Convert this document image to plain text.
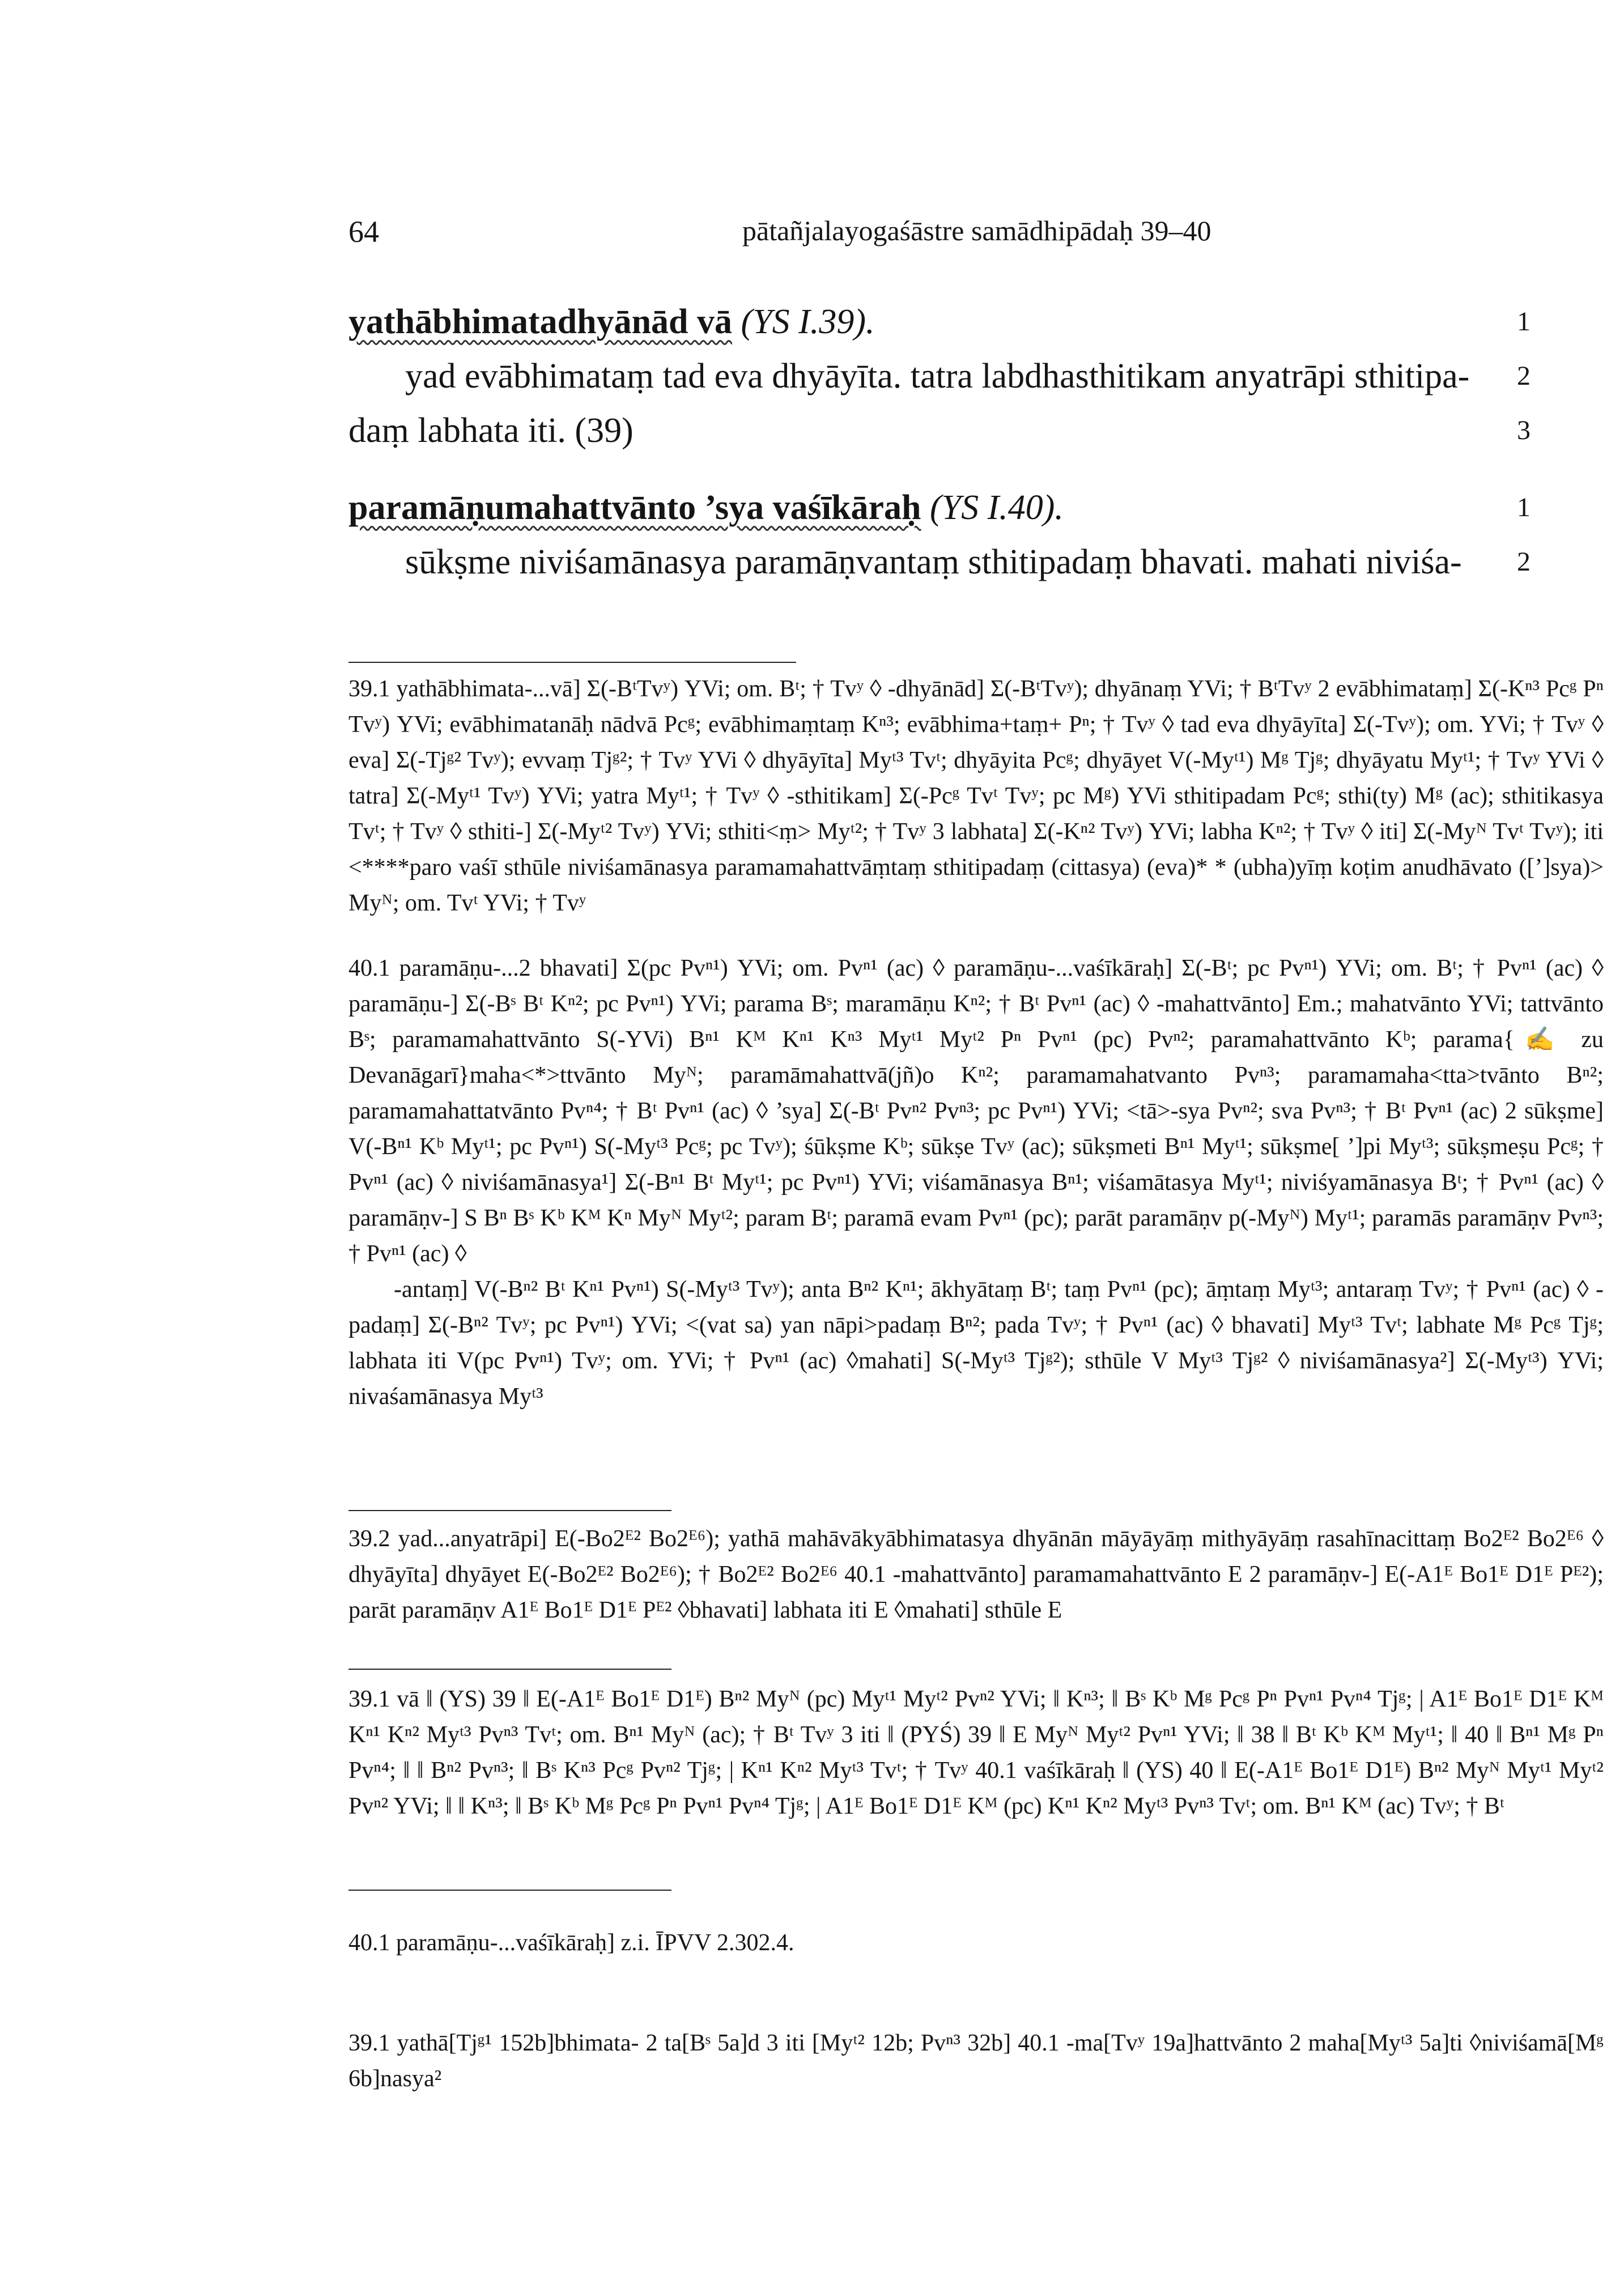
64	pātañjalayogaśāstre samādhipādaḥ 39–40
yathābhimatadhyānād vā (YS I.39).	1
yad evābhimataṃ tad eva dhyāyīta. tatra labdhasthitikam anyatrāpi sthitipa- 2
daṃ labhata iti. (39)	3
paramāṇumahattvānto ’sya vaśīkāraḥ (YS I.40).	1
sūkṣme niviśamānasya paramāṇvantaṃ sthitipadaṃ bhavati. mahati niviśa- 2

39.1 yathābhimata-...vā] Σ(-BᵗTvʸ) YVi; om. Bᵗ; † Tvʸ ◊ -dhyānād] Σ(-BᵗTvʸ); dhyānaṃ YVi; † BᵗTvʸ 2 evābhimataṃ] Σ(-Kⁿ³ Pcᵍ Pⁿ Tvʸ) YVi; evābhimatanāḥ nādvā Pcᵍ; evābhimaṃtaṃ Kⁿ³; evābhima+taṃ+ Pⁿ; † Tvʸ ◊ tad eva dhyāyīta] Σ(-Tvʸ); om. YVi; † Tvʸ ◊ eva] Σ(-Tjᵍ² Tvʸ); evvaṃ Tjᵍ²; † Tvʸ YVi ◊ dhyāyīta] Myᵗ³ Tvᵗ; dhyāyita Pcᵍ; dhyāyet V(-Myᵗ¹) Mᵍ Tjᵍ; dhyāyatu Myᵗ¹; † Tvʸ YVi ◊ tatra] Σ(-Myᵗ¹ Tvʸ) YVi; yatra Myᵗ¹; † Tvʸ ◊ -sthitikam] Σ(-Pcᵍ Tvᵗ Tvʸ; pc Mᵍ) YVi sthitipadam Pcᵍ; sthi(ty) Mᵍ (ac); sthitikasya Tvᵗ; † Tvʸ ◊ sthiti-] Σ(-Myᵗ² Tvʸ) YVi; sthiti<ṃ> Myᵗ²; † Tvʸ 3 labhata] Σ(-Kⁿ² Tvʸ) YVi; labha Kⁿ²; † Tvʸ ◊ iti] Σ(-Myᴺ Tvᵗ Tvʸ); iti <****paro vaśī sthūle niviśamānasya paramamahattvāṃtaṃ sthitipadaṃ (cittasya) (eva)* * (ubha)yīṃ koṭim anudhāvato ([’]sya)> Myᴺ; om. Tvᵗ YVi; † Tvʸ

40.1 paramāṇu-...2 bhavati] Σ(pc Pvⁿ¹) YVi; om. Pvⁿ¹ (ac) ◊ paramāṇu-...vaśīkāraḥ] Σ(-Bᵗ; pc Pvⁿ¹) YVi; om. Bᵗ; † Pvⁿ¹ (ac) ◊ paramāṇu-] Σ(-Bˢ Bᵗ Kⁿ²; pc Pvⁿ¹) YVi; parama Bˢ; maramāṇu Kⁿ²; † Bᵗ Pvⁿ¹ (ac) ◊ -mahattvānto] Em.; mahatvānto YVi; tattvānto Bˢ; paramamahattvānto S(-YVi) Bⁿ¹ Kᴹ Kⁿ¹ Kⁿ³ Myᵗ¹ Myᵗ² Pⁿ Pvⁿ¹ (pc) Pvⁿ²; paramahattvānto Kᵇ; parama{✍ zu Devanāgarī}maha<*>ttvānto Myᴺ; paramāmahattvā(jñ)o Kⁿ²; paramamahatvanto Pvⁿ³; paramamaha<tta>tvānto Bⁿ²; paramamahattatvānto Pvⁿ⁴; † Bᵗ Pvⁿ¹ (ac) ◊ ’sya] Σ(-Bᵗ Pvⁿ² Pvⁿ³; pc Pvⁿ¹) YVi; <tā>-sya Pvⁿ²; sva Pvⁿ³; † Bᵗ Pvⁿ¹ (ac) 2 sūkṣme] V(-Bⁿ¹ Kᵇ Myᵗ¹; pc Pvⁿ¹) S(-Myᵗ³ Pcᵍ; pc Tvʸ); śūkṣme Kᵇ; sūkṣe Tvʸ (ac); sūkṣmeti Bⁿ¹ Myᵗ¹; sūkṣme[ ’]pi Myᵗ³; sūkṣmeṣu Pcᵍ; † Pvⁿ¹ (ac) ◊ niviśamānasya¹] Σ(-Bⁿ¹ Bᵗ Myᵗ¹; pc Pvⁿ¹) YVi; viśamānasya Bⁿ¹; viśamātasya Myᵗ¹; niviśyamānasya Bᵗ; † Pvⁿ¹ (ac) ◊ paramāṇv-] S Bⁿ Bˢ Kᵇ Kᴹ Kⁿ Myᴺ Myᵗ²; param Bᵗ; paramā evam Pvⁿ¹ (pc); parāt paramāṇv p(-Myᴺ) Myᵗ¹; paramās paramāṇv Pvⁿ³; † Pvⁿ¹ (ac) ◊

-antaṃ] V(-Bⁿ² Bᵗ Kⁿ¹ Pvⁿ¹) S(-Myᵗ³ Tvʸ); anta Bⁿ² Kⁿ¹; ākhyātaṃ Bᵗ; taṃ Pvⁿ¹ (pc); āṃtaṃ Myᵗ³; antaraṃ Tvʸ; † Pvⁿ¹ (ac) ◊ -padaṃ] Σ(-Bⁿ² Tvʸ; pc Pvⁿ¹) YVi; <(vat sa) yan nāpi>padaṃ Bⁿ²; pada Tvʸ; † Pvⁿ¹ (ac) ◊ bhavati] Myᵗ³ Tvᵗ; labhate Mᵍ Pcᵍ Tjᵍ; labhata iti V(pc Pvⁿ¹) Tvʸ; om. YVi; † Pvⁿ¹ (ac) ◊mahati] S(-Myᵗ³ Tjᵍ²); sthūle V Myᵗ³ Tjᵍ² ◊ niviśamānasya²] Σ(-Myᵗ³) YVi; nivaśamānasya Myᵗ³

39.2 yad...anyatrāpi] E(-Bo2ᴱ² Bo2ᴱ⁶); yathā mahāvākyābhimatasya dhyānān māyāyāṃ mithyāyāṃ rasahīnacittaṃ Bo2ᴱ² Bo2ᴱ⁶ ◊ dhyāyīta] dhyāyet E(-Bo2ᴱ² Bo2ᴱ⁶); † Bo2ᴱ² Bo2ᴱ⁶ 40.1 -mahattvānto] paramamahattvānto E 2 paramāṇv-] E(-A1ᴱ Bo1ᴱ D1ᴱ Pᴱ²); parāt paramāṇv A1ᴱ Bo1ᴱ D1ᴱ Pᴱ² ◊bhavati] labhata iti E ◊mahati] sthūle E

39.1 vā ‖ (YS) 39 ‖ E(-A1ᴱ Bo1ᴱ D1ᴱ) Bⁿ² Myᴺ (pc) Myᵗ¹ Myᵗ² Pvⁿ² YVi; ‖ Kⁿ³; ‖ Bˢ Kᵇ Mᵍ Pcᵍ Pⁿ Pvⁿ¹ Pvⁿ⁴ Tjᵍ; | A1ᴱ Bo1ᴱ D1ᴱ Kᴹ Kⁿ¹ Kⁿ² Myᵗ³ Pvⁿ³ Tvᵗ; om. Bⁿ¹ Myᴺ (ac); † Bᵗ Tvʸ 3 iti ‖ (PYŚ) 39 ‖ E Myᴺ Myᵗ² Pvⁿ¹ YVi; ‖ 38 ‖ Bᵗ Kᵇ Kᴹ Myᵗ¹; ‖ 40 ‖ Bⁿ¹ Mᵍ Pⁿ Pvⁿ⁴; ‖ ‖ Bⁿ² Pvⁿ³; ‖ Bˢ Kⁿ³ Pcᵍ Pvⁿ² Tjᵍ; | Kⁿ¹ Kⁿ² Myᵗ³ Tvᵗ; † Tvʸ 40.1 vaśīkāraḥ ‖ (YS) 40 ‖ E(-A1ᴱ Bo1ᴱ D1ᴱ) Bⁿ² Myᴺ Myᵗ¹ Myᵗ² Pvⁿ² YVi; ‖ ‖ Kⁿ³; ‖ Bˢ Kᵇ Mᵍ Pcᵍ Pⁿ Pvⁿ¹ Pvⁿ⁴ Tjᵍ; | A1ᴱ Bo1ᴱ D1ᴱ Kᴹ (pc) Kⁿ¹ Kⁿ² Myᵗ³ Pvⁿ³ Tvᵗ; om. Bⁿ¹ Kᴹ (ac) Tvʸ; † Bᵗ

40.1 paramāṇu-...vaśīkāraḥ] z.i. ĪPVV 2.302.4.

39.1 yathā[Tjᵍ¹ 152b]bhimata- 2 ta[Bˢ 5a]d 3 iti [Myᵗ² 12b; Pvⁿ³ 32b] 40.1 -ma[Tvʸ 19a]hattvānto 2 maha[Myᵗ³ 5a]ti ◊niviśamā[Mᵍ 6b]nasya²
